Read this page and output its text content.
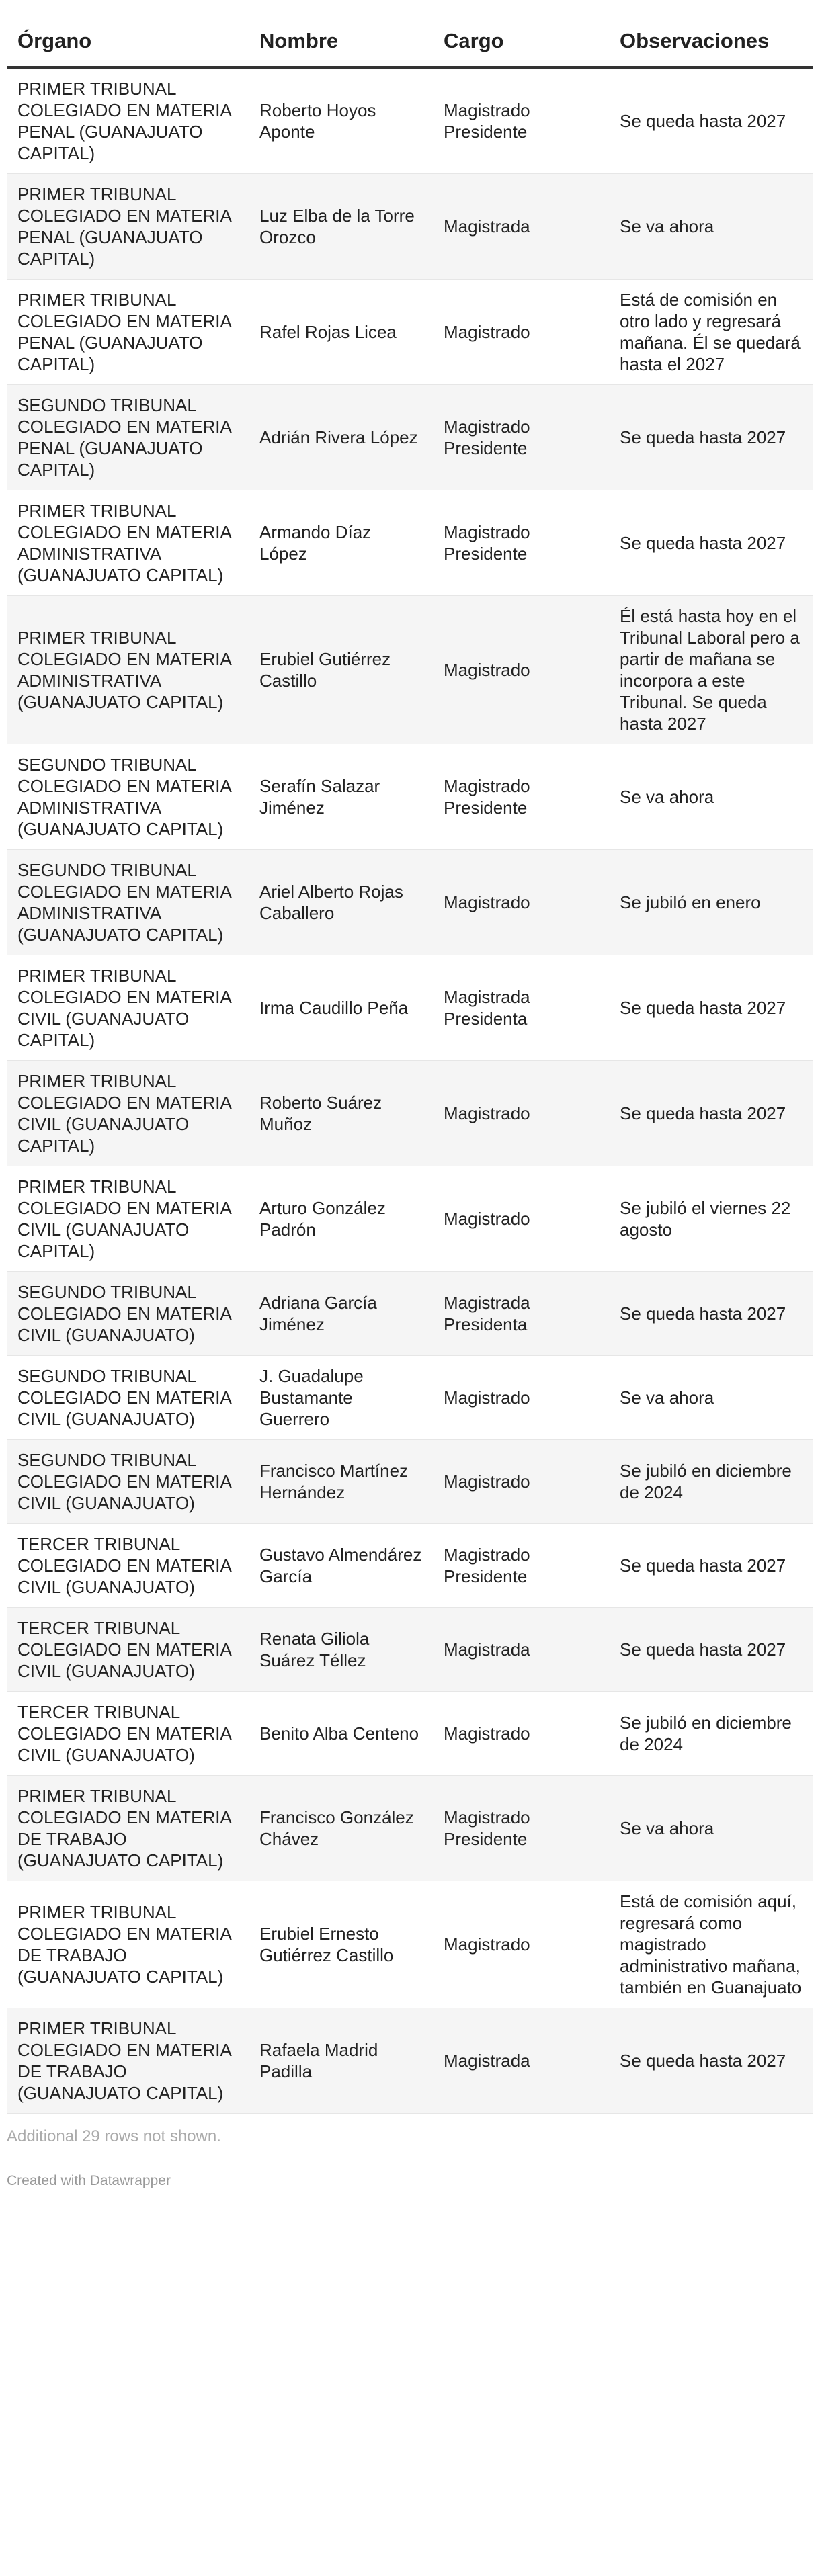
Órgano	Nombre	Cargo	Observaciones
PRIMER TRIBUNAL COLEGIADO EN MATERIA PENAL (GUANAJUATO CAPITAL)	Roberto Hoyos Aponte	Magistrado Presidente	Se queda hasta 2027
PRIMER TRIBUNAL COLEGIADO EN MATERIA PENAL (GUANAJUATO CAPITAL)	Luz Elba de la Torre Orozco	Magistrada	Se va ahora
PRIMER TRIBUNAL COLEGIADO EN MATERIA PENAL (GUANAJUATO CAPITAL)	Rafel Rojas Licea	Magistrado	Está de comisión en otro lado y regresará mañana. Él se quedará hasta el 2027
SEGUNDO TRIBUNAL COLEGIADO EN MATERIA PENAL (GUANAJUATO CAPITAL)	Adrián Rivera López	Magistrado Presidente	Se queda hasta 2027
PRIMER TRIBUNAL COLEGIADO EN MATERIA ADMINISTRATIVA (GUANAJUATO CAPITAL)	Armando Díaz López	Magistrado Presidente	Se queda hasta 2027
PRIMER TRIBUNAL COLEGIADO EN MATERIA ADMINISTRATIVA (GUANAJUATO CAPITAL)	Erubiel Gutiérrez Castillo	Magistrado	Él está hasta hoy en el Tribunal Laboral pero a partir de mañana se incorpora a este Tribunal. Se queda hasta 2027
SEGUNDO TRIBUNAL COLEGIADO EN MATERIA ADMINISTRATIVA (GUANAJUATO CAPITAL)	Serafín Salazar Jiménez	Magistrado Presidente	Se va ahora
SEGUNDO TRIBUNAL COLEGIADO EN MATERIA ADMINISTRATIVA (GUANAJUATO CAPITAL)	Ariel Alberto Rojas Caballero	Magistrado	Se jubiló en enero
PRIMER TRIBUNAL COLEGIADO EN MATERIA CIVIL (GUANAJUATO CAPITAL)	Irma Caudillo Peña	Magistrada Presidenta	Se queda hasta 2027
PRIMER TRIBUNAL COLEGIADO EN MATERIA CIVIL (GUANAJUATO CAPITAL)	Roberto Suárez Muñoz	Magistrado	Se queda hasta 2027
PRIMER TRIBUNAL COLEGIADO EN MATERIA CIVIL (GUANAJUATO CAPITAL)	Arturo González Padrón	Magistrado	Se jubiló el viernes 22 agosto
SEGUNDO TRIBUNAL COLEGIADO EN MATERIA CIVIL (GUANAJUATO)	Adriana García Jiménez	Magistrada Presidenta	Se queda hasta 2027
SEGUNDO TRIBUNAL COLEGIADO EN MATERIA CIVIL (GUANAJUATO)	J. Guadalupe Bustamante Guerrero	Magistrado	Se va ahora
SEGUNDO TRIBUNAL COLEGIADO EN MATERIA CIVIL (GUANAJUATO)	Francisco Martínez Hernández	Magistrado	Se jubiló en diciembre de 2024
TERCER TRIBUNAL COLEGIADO EN MATERIA CIVIL (GUANAJUATO)	Gustavo Almendárez García	Magistrado Presidente	Se queda hasta 2027
TERCER TRIBUNAL COLEGIADO EN MATERIA CIVIL (GUANAJUATO)	Renata Giliola Suárez Téllez	Magistrada	Se queda hasta 2027
TERCER TRIBUNAL COLEGIADO EN MATERIA CIVIL (GUANAJUATO)	Benito Alba Centeno	Magistrado	Se jubiló en diciembre de 2024
PRIMER TRIBUNAL COLEGIADO EN MATERIA DE TRABAJO (GUANAJUATO CAPITAL)	Francisco González Chávez	Magistrado Presidente	Se va ahora
PRIMER TRIBUNAL COLEGIADO EN MATERIA DE TRABAJO (GUANAJUATO CAPITAL)	Erubiel Ernesto Gutiérrez Castillo	Magistrado	Está de comisión aquí, regresará como magistrado administrativo mañana, también en Guanajuato
PRIMER TRIBUNAL COLEGIADO EN MATERIA DE TRABAJO (GUANAJUATO CAPITAL)	Rafaela Madrid Padilla	Magistrada	Se queda hasta 2027
Additional 29 rows not shown.
Created with Datawrapper
